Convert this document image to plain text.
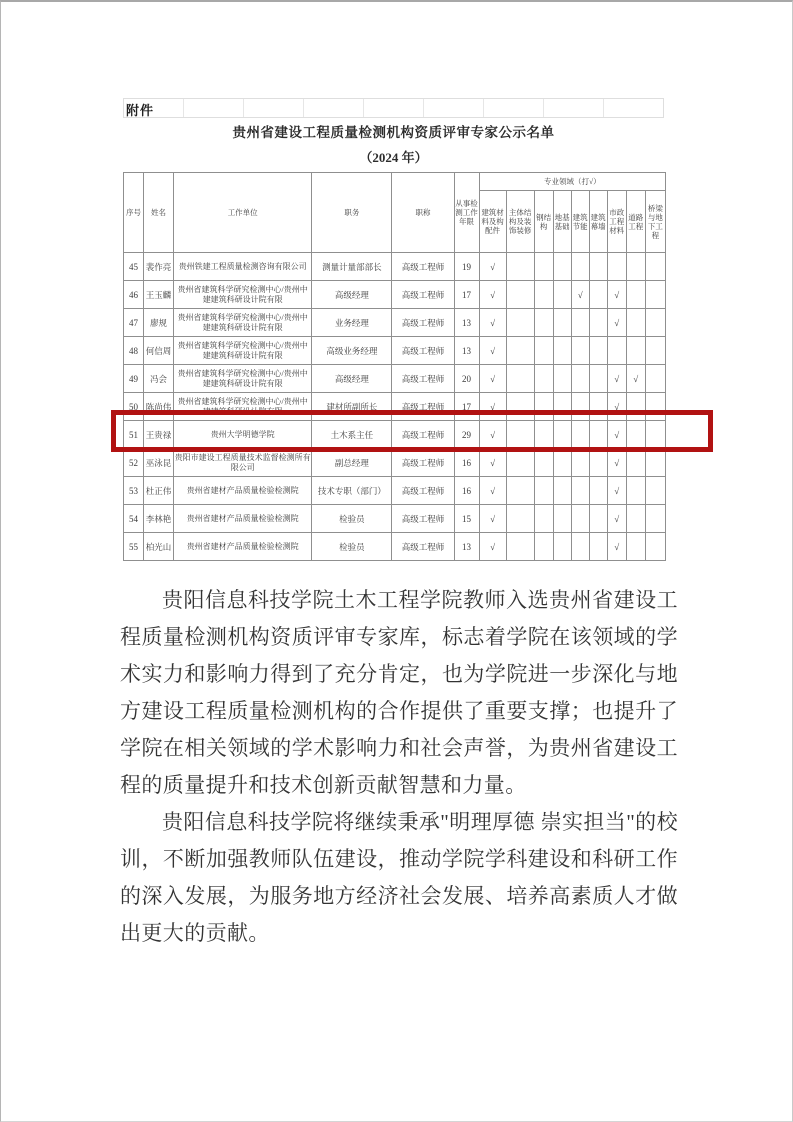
附件
贵州省建设工程质量检测机构资质评审专家公示名单
（2024 年）
序号	姓名	工作单位	职务	职称	从事检测工作年限	专业领域（打√）								
						建筑材料及构配件	主体结构及装饰装修	钢结构	地基基础	建筑节能	建筑幕墙	市政工程材料	道路工程	桥梁与地下工程
45	裴作亮	贵州铁建工程质量检测咨询有限公司	测量计量部部长	高级工程师	19	√								
46	王玉麟	贵州省建筑科学研究检测中心/贵州中建建筑科研设计院有限	高级经理	高级工程师	17	√				√		√		
47	廖规	贵州省建筑科学研究检测中心/贵州中建建筑科研设计院有限	业务经理	高级工程师	13	√						√		
48	何信周	贵州省建筑科学研究检测中心/贵州中建建筑科研设计院有限	高级业务经理	高级工程师	13	√								
49	冯会	贵州省建筑科学研究检测中心/贵州中建建筑科研设计院有限	高级经理	高级工程师	20	√						√	√	
50	陈尚伟	贵州省建筑科学研究检测中心/贵州中建建筑科研设计院有限	建材所副所长	高级工程师	17	√						√		
51	王贵禄	贵州大学明德学院	土木系主任	高级工程师	29	√						√		
52	巫泳昆	贵阳市建设工程质量技术监督检测所有限公司	副总经理	高级工程师	16	√						√		
53	杜正伟	贵州省建材产品质量检验检测院	技术专职（部门）	高级工程师	16	√						√		
54	李林艳	贵州省建材产品质量检验检测院	检验员	高级工程师	15	√						√		
55	柏光山	贵州省建材产品质量检验检测院	检验员	高级工程师	13	√						√		

贵阳信息科技学院土木工程学院教师入选贵州省建设工程质量检测机构资质评审专家库，标志着学院在该领域的学术实力和影响力得到了充分肯定，也为学院进一步深化与地方建设工程质量检测机构的合作提供了重要支撑；也提升了学院在相关领域的学术影响力和社会声誉，为贵州省建设工程的质量提升和技术创新贡献智慧和力量。

贵阳信息科技学院将继续秉承"明理厚德 崇实担当"的校训，不断加强教师队伍建设，推动学院学科建设和科研工作的深入发展，为服务地方经济社会发展、培养高素质人才做出更大的贡献。
